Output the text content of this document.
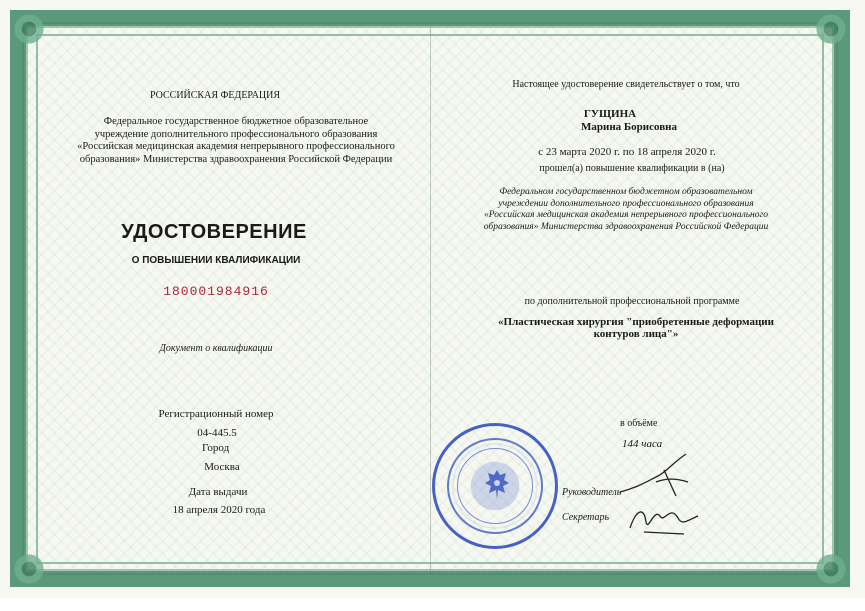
РОССИЙСКАЯ ФЕДЕРАЦИЯ
Федеральное государственное бюджетное образовательное
учреждение дополнительного профессионального образования
«Российская медицинская академия непрерывного профессионального
образования» Министерства здравоохранения Российской Федерации
УДОСТОВЕРЕНИЕ
О ПОВЫШЕНИИ КВАЛИФИКАЦИИ
180001984916
Документ о квалификации
Регистрационный номер
04-445.5
Город
Москва
Дата выдачи
18 апреля 2020 года
Настоящее удостоверение свидетельствует о том, что
ГУЩИНА
Марина Борисовна
с 23 марта 2020 г. по 18 апреля 2020 г.
прошел(а) повышение квалификации в (на)
Федеральном государственном бюджетном образовательном
учреждении дополнительного профессионального образования
«Российская медицинская академия непрерывного профессионального
образования» Министерства здравоохранения Российской Федерации
по дополнительной профессиональной программе
«Пластическая хирургия "приобретенные деформации
контуров лица"»
в объёме
144 часа
Руководитель
Секретарь
